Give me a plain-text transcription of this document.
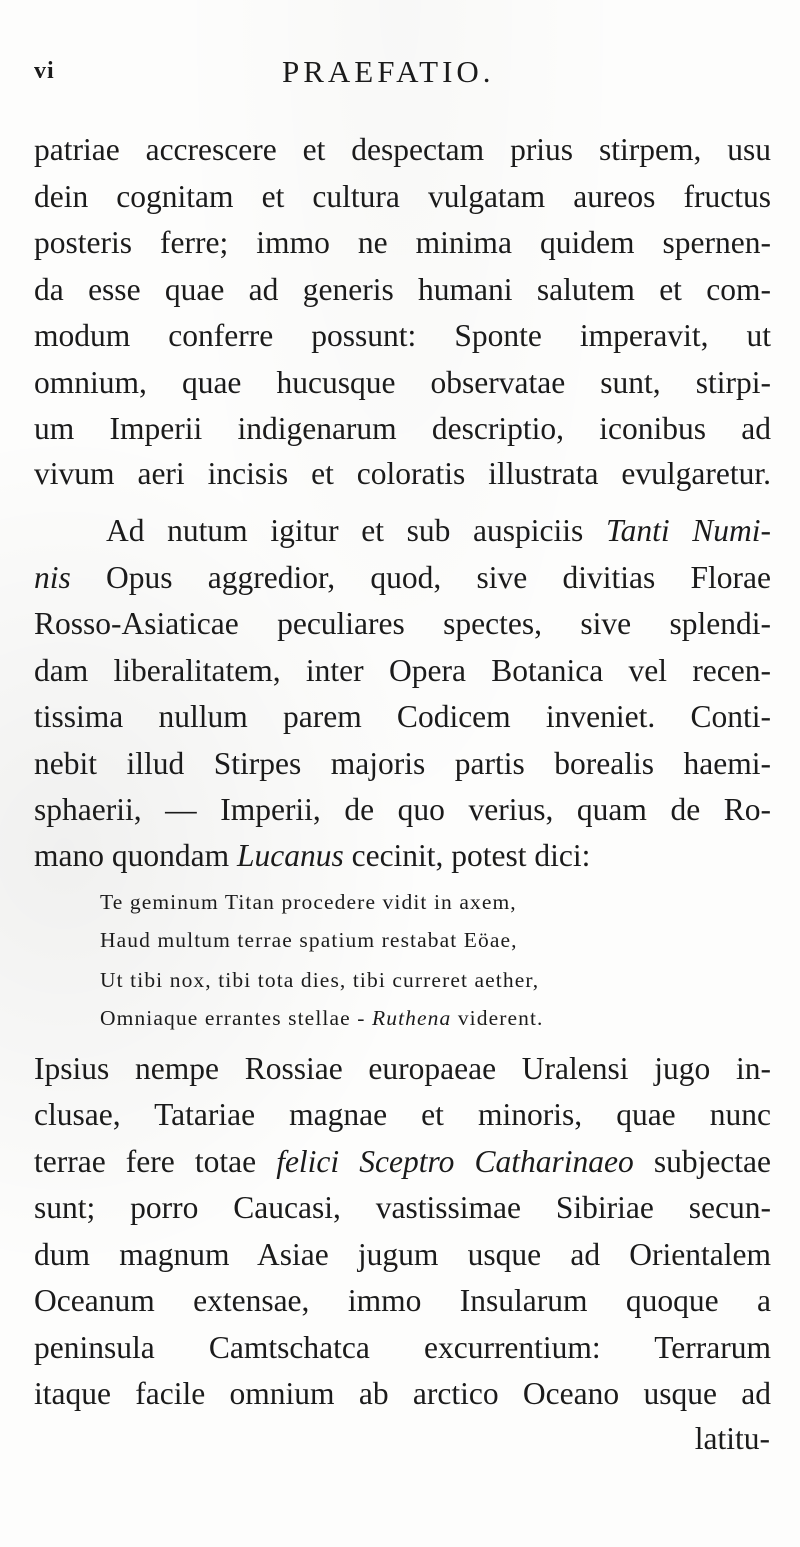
vi	PRAEFATIO.
patriae accrescere et despectam prius stirpem, usu
dein cognitam et cultura vulgatam aureos fructus
posteris ferre; immo ne minima quidem spernen-
da esse quae ad generis humani salutem et com-
modum conferre possunt: Sponte imperavit, ut
omnium, quae hucusque observatae sunt, stirpi-
um Imperii indigenarum descriptio, iconibus ad
vivum aeri incisis et coloratis illustrata evulgaretur.
Ad nutum igitur et sub auspiciis Tanti Numi-
nis Opus aggredior, quod, sive divitias Florae
Rosso-Asiaticae peculiares spectes, sive splendi-
dam liberalitatem, inter Opera Botanica vel recen-
tissima nullum parem Codicem inveniet. Conti-
nebit illud Stirpes majoris partis borealis haemi-
sphaerii, — Imperii, de quo verius, quam de Ro-
mano quondam Lucanus cecinit, potest dici:
Te geminum Titan procedere vidit in axem,
Haud multum terrae spatium restabat Eöae,
Ut tibi nox, tibi tota dies, tibi curreret aether,
Omniaque errantes stellae - Ruthena viderent.
Ipsius nempe Rossiae europaeae Uralensi jugo in-
clusae, Tatariae magnae et minoris, quae nunc
terrae fere totae felici Sceptro Catharinaeo subjectae
sunt; porro Caucasi, vastissimae Sibiriae secun-
dum magnum Asiae jugum usque ad Orientalem
Oceanum extensae, immo Insularum quoque a
peninsula Camtschatca excurrentium: Terrarum
itaque facile omnium ab arctico Oceano usque ad
latitu-
